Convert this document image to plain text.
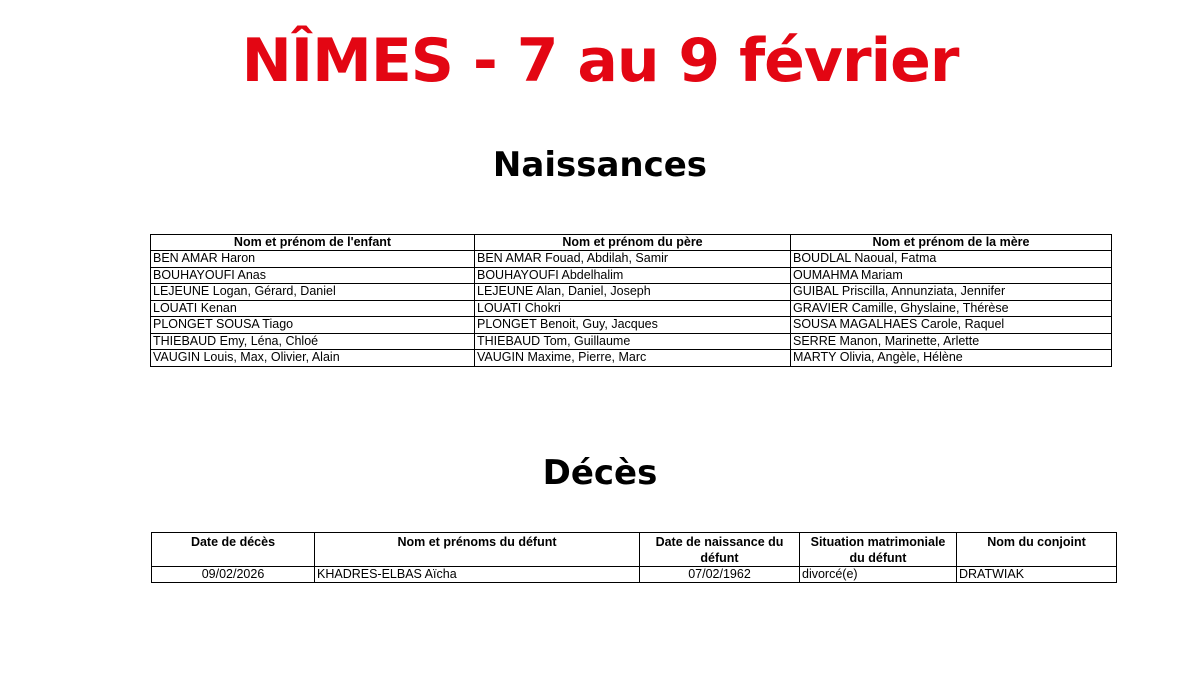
NÎMES - 7 au 9 février
Naissances
Nom et prénom de l'enfant	Nom et prénom du père	Nom et prénom de la mère
BEN AMAR Haron	BEN AMAR Fouad, Abdilah, Samir	BOUDLAL Naoual, Fatma
BOUHAYOUFI Anas	BOUHAYOUFI Abdelhalim	OUMAHMA Mariam
LEJEUNE Logan, Gérard, Daniel	LEJEUNE Alan, Daniel, Joseph	GUIBAL Priscilla, Annunziata, Jennifer
LOUATI Kenan	LOUATI Chokri	GRAVIER Camille, Ghyslaine, Thérèse
PLONGET SOUSA Tiago	PLONGET Benoit, Guy, Jacques	SOUSA MAGALHAES Carole, Raquel
THIEBAUD Emy, Léna, Chloé	THIEBAUD Tom, Guillaume	SERRE Manon, Marinette, Arlette
VAUGIN Louis, Max, Olivier, Alain	VAUGIN Maxime, Pierre, Marc	MARTY Olivia, Angèle, Hélène
Décès
Date de décès	Nom et prénoms du défunt	Date de naissance du défunt	Situation matrimoniale du défunt	Nom du conjoint
09/02/2026	KHADRES-ELBAS Aïcha	07/02/1962	divorcé(e)	DRATWIAK
